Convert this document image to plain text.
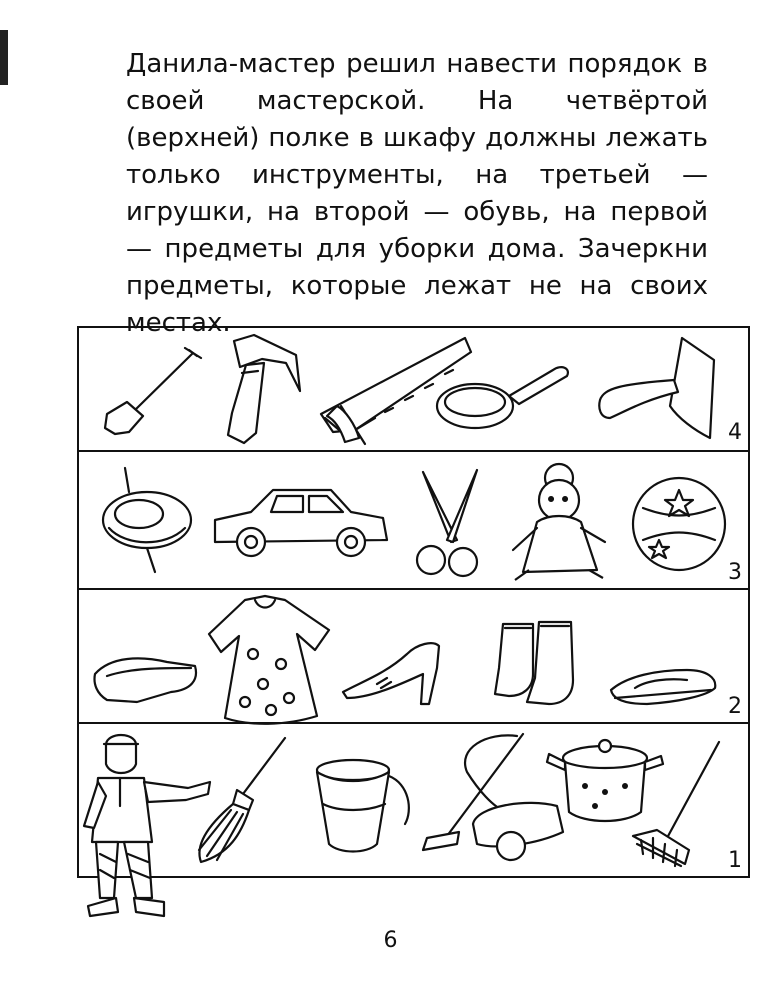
Данила-мастер решил навести порядок в своей мастерской. На четвёртой (верхней) полке в шкафу должны лежать только инструменты, на третьей — игрушки, на второй — обувь, на первой — предметы для уборки дома. Зачеркни предметы, которые лежат не на своих местах.

4
3
2
1
6
